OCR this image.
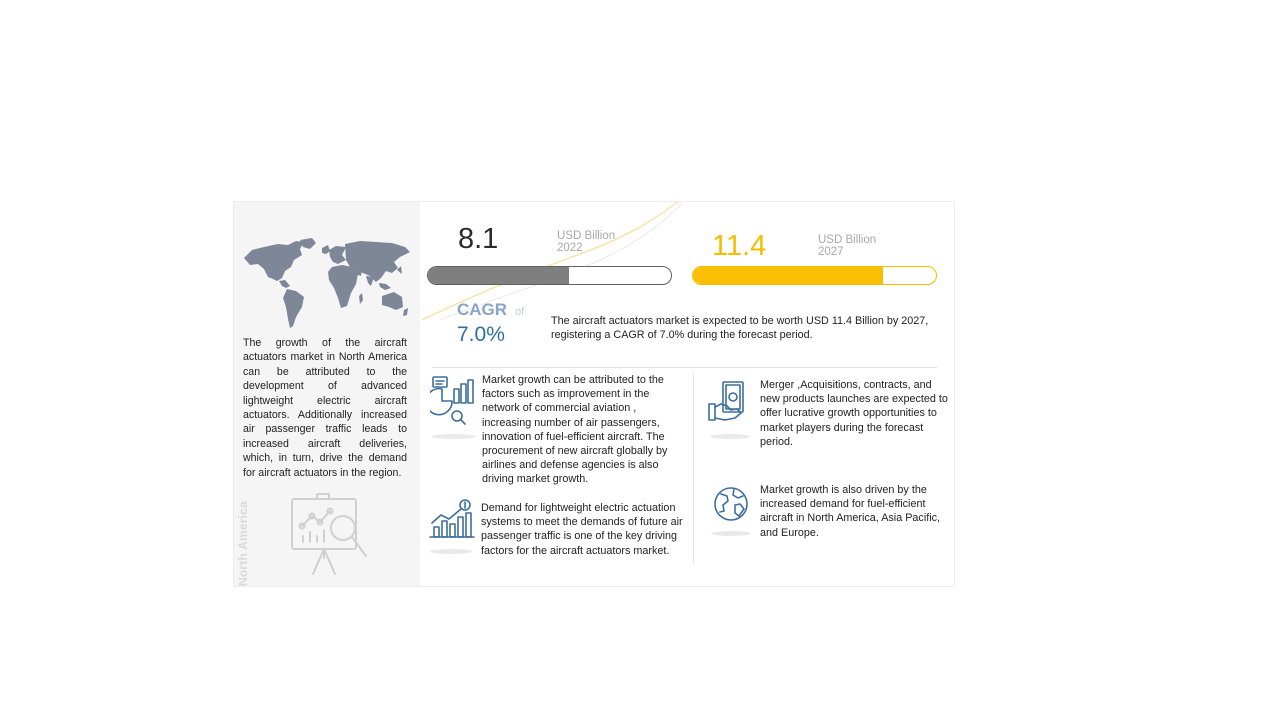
The growth of the aircraft actuators market in North America can be attributed to the development of advanced lightweight electric aircraft actuators. Additionally increased air passenger traffic leads to increased aircraft deliveries, which, in turn, drive the demand for aircraft actuators in the region.

North America
8.1	USD Billion
2022	11.4	USD Billion
2027
CAGR of
7.0%

The aircraft actuators market is expected to be worth USD 11.4 Billion by 2027, registering a CAGR of 7.0% during the forecast period.

Market growth can be attributed to the factors such as improvement in the network of commercial aviation , increasing number of air passengers, innovation of fuel-efficient aircraft. The procurement of new aircraft globally by airlines and defense agencies is also driving market growth.

Demand for lightweight electric actuation systems to meet the demands of future air passenger traffic is one of the key driving factors for the aircraft actuators market.

Merger ,Acquisitions, contracts, and new products launches are expected to offer lucrative growth opportunities to market players during the forecast period.

Market growth is also driven by the increased demand for fuel-efficient aircraft in North America, Asia Pacific, and Europe.
